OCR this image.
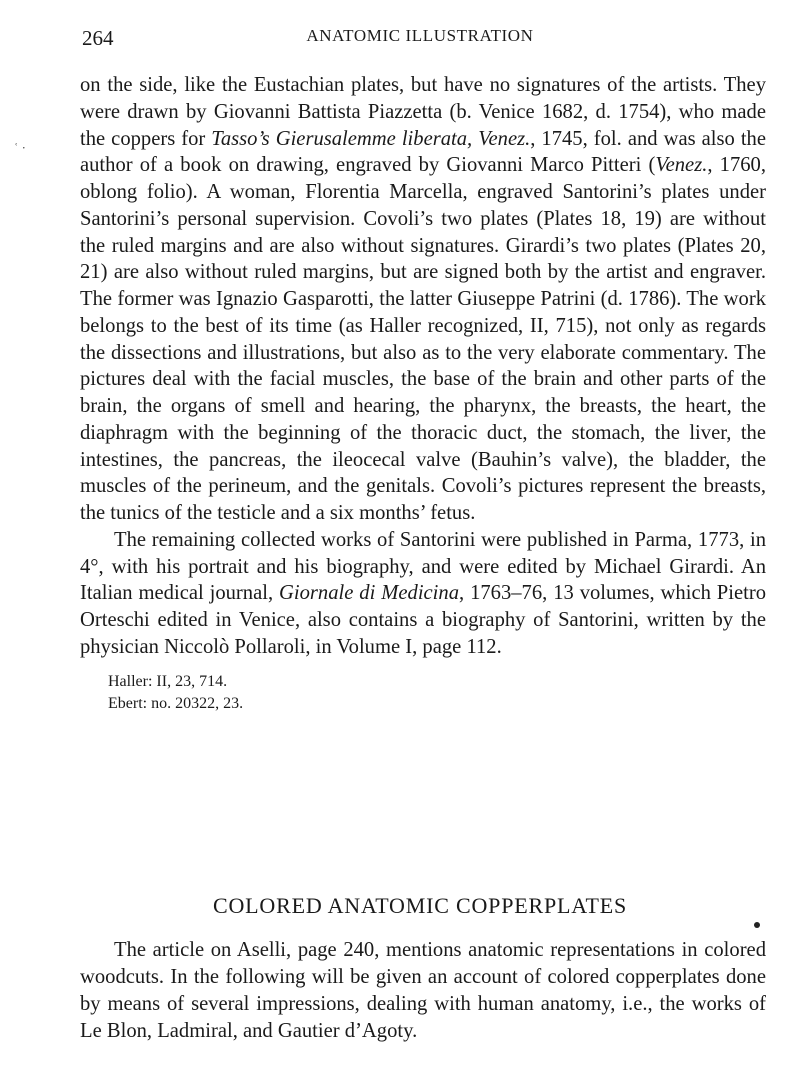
264	ANATOMIC ILLUSTRATION
ʿ ·

on the side, like the Eustachian plates, but have no signatures of the artists. They were drawn by Giovanni Battista Piazzetta (b. Venice 1682, d. 1754), who made the coppers for Tasso’s Gierusalemme liberata, Venez., 1745, fol. and was also the author of a book on drawing, engraved by Giovanni Marco Pitteri (Venez., 1760, oblong folio). A woman, Florentia Marcella, engraved Santorini’s plates under Santorini’s personal supervision. Covoli’s two plates (Plates 18, 19) are without the ruled margins and are also without signatures. Girardi’s two plates (Plates 20, 21) are also without ruled margins, but are signed both by the artist and engraver. The former was Ignazio Gasparotti, the latter Giuseppe Patrini (d. 1786). The work belongs to the best of its time (as Haller recognized, II, 715), not only as regards the dissections and illustrations, but also as to the very elaborate commentary. The pictures deal with the facial muscles, the base of the brain and other parts of the brain, the organs of smell and hearing, the pharynx, the breasts, the heart, the diaphragm with the beginning of the thoracic duct, the stomach, the liver, the intestines, the pancreas, the ileocecal valve (Bauhin’s valve), the bladder, the muscles of the perineum, and the genitals. Covoli’s pictures represent the breasts, the tunics of the testicle and a six months’ fetus.

The remaining collected works of Santorini were published in Parma, 1773, in 4°, with his portrait and his biography, and were edited by Michael Girardi. An Italian medical journal, Giornale di Medicina, 1763–76, 13 volumes, which Pietro Orteschi edited in Venice, also contains a biography of Santorini, written by the physician Niccolò Pollaroli, in Volume I, page 112.

Haller: II, 23, 714.
Ebert: no. 20322, 23.
COLORED ANATOMIC COPPERPLATES

The article on Aselli, page 240, mentions anatomic representations in colored woodcuts. In the following will be given an account of colored copperplates done by means of several impressions, dealing with human anatomy, i.e., the works of Le Blon, Ladmiral, and Gautier d’Agoty.
